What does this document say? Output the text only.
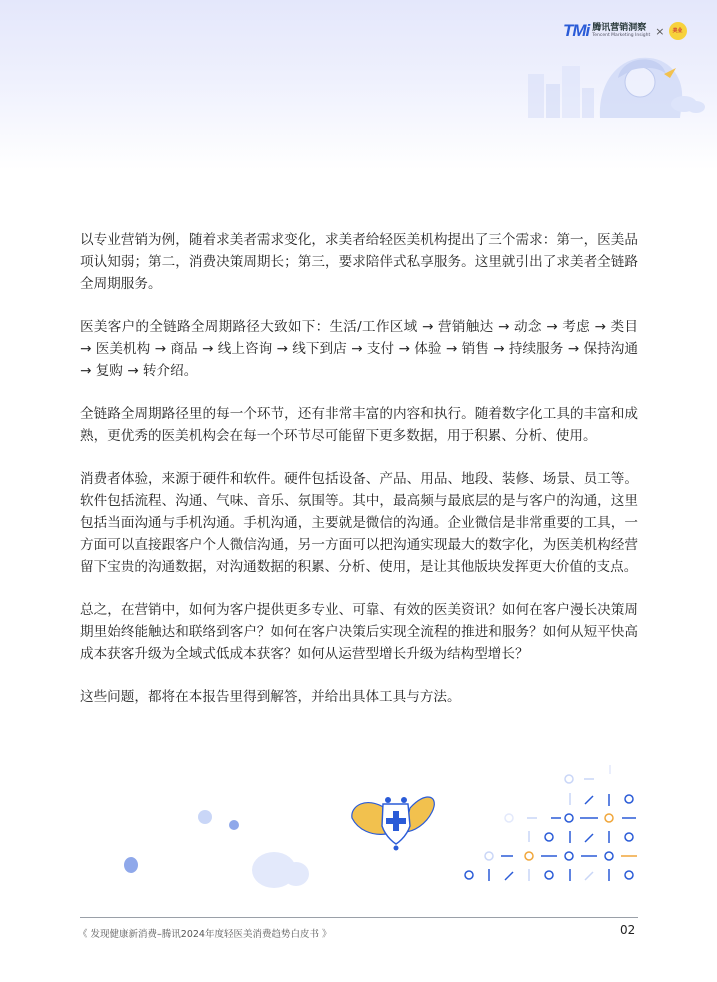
TMi 腾讯营销洞察
Tencent Marketing Insight ×	美业

以专业营销为例，随着求美者需求变化，求美者给轻医美机构提出了三个需求：第一，医美品项认知弱；第二，消费决策周期长；第三，要求陪伴式私享服务。这里就引出了求美者全链路全周期服务。

医美客户的全链路全周期路径大致如下：生活/工作区域 → 营销触达 → 动念 → 考虑 → 类目 → 医美机构 → 商品 → 线上咨询 → 线下到店 → 支付 → 体验 → 销售 → 持续服务 → 保持沟通 → 复购 → 转介绍。

全链路全周期路径里的每一个环节，还有非常丰富的内容和执行。随着数字化工具的丰富和成熟，更优秀的医美机构会在每一个环节尽可能留下更多数据，用于积累、分析、使用。

消费者体验，来源于硬件和软件。硬件包括设备、产品、用品、地段、装修、场景、员工等。软件包括流程、沟通、气味、音乐、氛围等。其中，最高频与最底层的是与客户的沟通，这里包括当面沟通与手机沟通。手机沟通，主要就是微信的沟通。企业微信是非常重要的工具，一方面可以直接跟客户个人微信沟通，另一方面可以把沟通实现最大的数字化，为医美机构经营留下宝贵的沟通数据，对沟通数据的积累、分析、使用，是让其他版块发挥更大价值的支点。

总之，在营销中，如何为客户提供更多专业、可靠、有效的医美资讯？如何在客户漫长决策周期里始终能触达和联络到客户？如何在客户决策后实现全流程的推进和服务？如何从短平快高成本获客升级为全域式低成本获客？如何从运营型增长升级为结构型增长？

这些问题，都将在本报告里得到解答，并给出具体工具与方法。

《 发现健康新消费–腾讯2024年度轻医美消费趋势白皮书 》	02
